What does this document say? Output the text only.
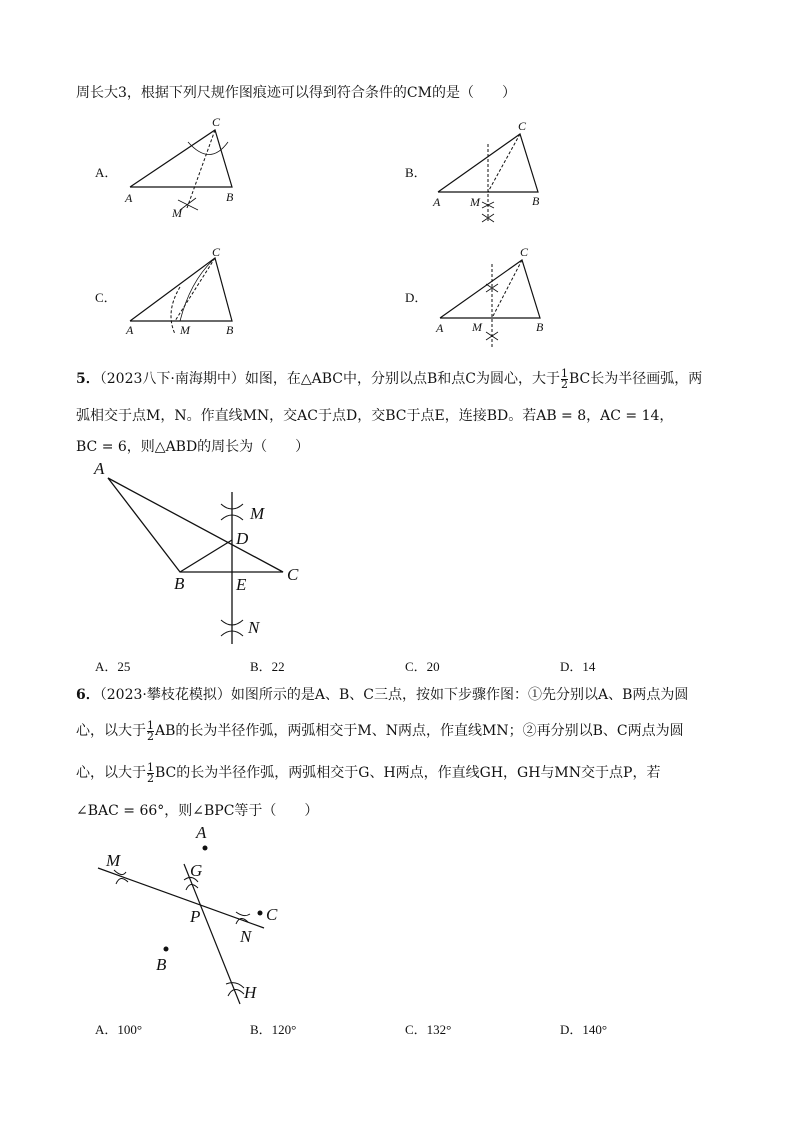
周长大3，根据下列尺规作图痕迹可以得到符合条件的CM的是（　　）
A．
A	B
C
M
B．
A	B
C
M
C．
A	B
C
M
D．
A	B
C
M
5．（2023八下·南海期中）如图，在△ABC中，分别以点B和点C为圆心，大于 $\frac{1}{2}$ BC长为半径画弧，两
弧相交于点M，N。作直线MN，交AC于点D，交BC于点E，连接BD。若AB = 8，AC = 14，
BC = 6，则△ABD的周长为（　　）
A
B	C
D
E
M
N
A．25	B．22	C．20	D．14
6．（2023·攀枝花模拟）如图所示的是A、B、C三点，按如下步骤作图：①先分别以A、B两点为圆
心，以大于 $\frac{1}{2}$ AB的长为半径作弧，两弧相交于M、N两点，作直线MN；②再分别以B、C两点为圆
心，以大于 $\frac{1}{2}$ BC的长为半径作弧，两弧相交于G、H两点，作直线GH，GH与MN交于点P，若
∠BAC = 66°，则∠BPC等于（　　）
A
B
C
G
H
M
N
P
A．100°	B．120°	C．132°	D．140°
